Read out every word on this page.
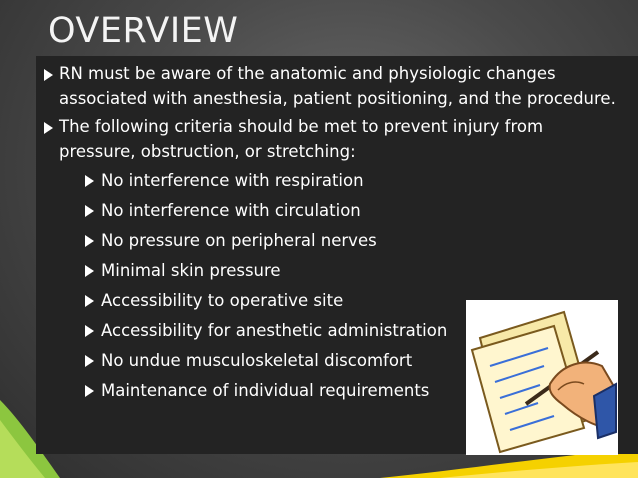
OVERVIEW
RN must be aware of the anatomic and physiologic changes associated with anesthesia, patient positioning, and the procedure.
The following criteria should be met to prevent injury from pressure, obstruction, or stretching:
No interference with respiration
No interference with circulation
No pressure on peripheral nerves
Minimal skin pressure
Accessibility to operative site
Accessibility for anesthetic administration
No undue musculoskeletal discomfort
Maintenance of individual requirements
